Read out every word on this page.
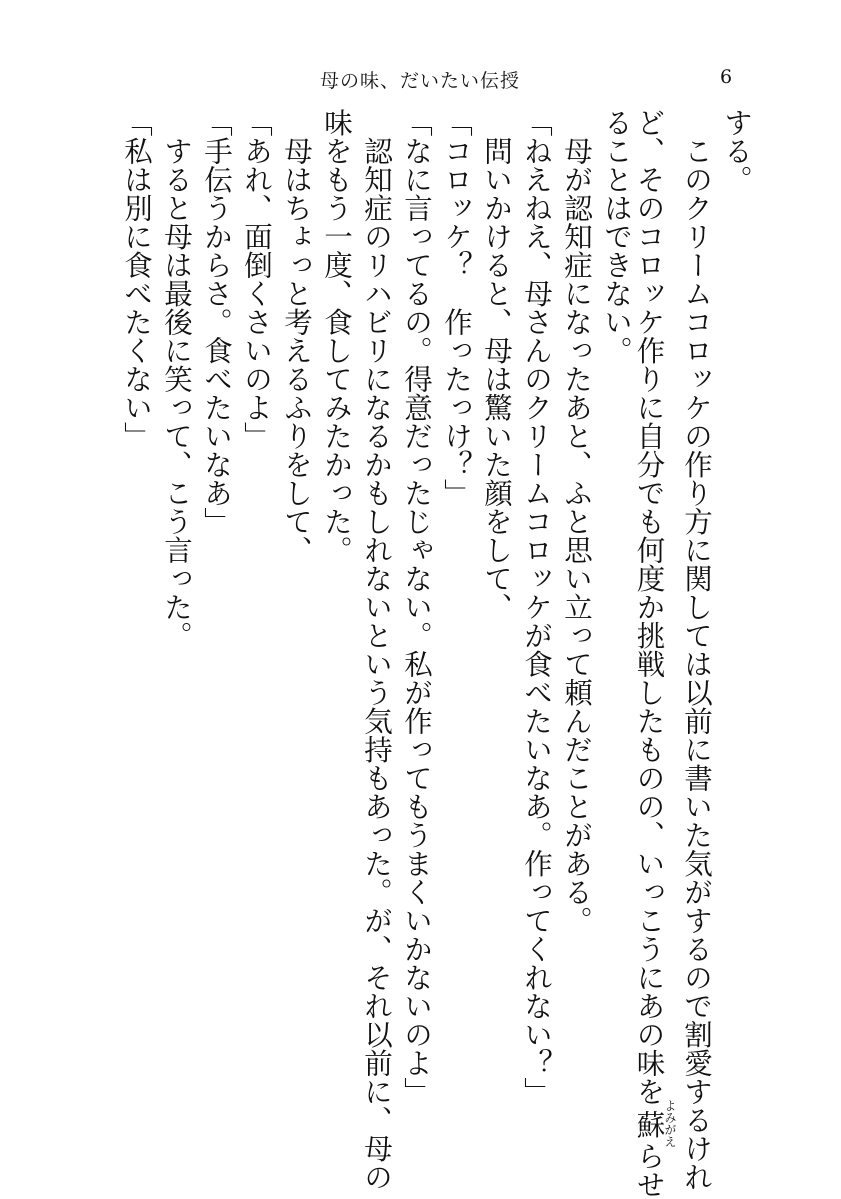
母の味、だいたい伝授	6
する。
　このクリームコロッケの作り方に関しては以前に書いた気がするので割愛するけれ
ど、そのコロッケ作りに自分でも何度か挑戦したものの、いっこうにあの味を蘇よみがえらせ
ることはできない。
　母が認知症になったあと、ふと思い立って頼んだことがある。
「ねえねえ、母さんのクリームコロッケが食べたいなあ。作ってくれない？」
　問いかけると、母は驚いた顔をして、
「コロッケ？　作ったっけ？」
「なに言ってるの。得意だったじゃない。私が作ってもうまくいかないのよ」
　認知症のリハビリになるかもしれないという気持もあった。が、それ以前に、母の
味をもう一度、食してみたかった。
　母はちょっと考えるふりをして、
「あれ、面倒くさいのよ」
「手伝うからさ。食べたいなあ」
　すると母は最後に笑って、こう言った。
「私は別に食べたくない」
